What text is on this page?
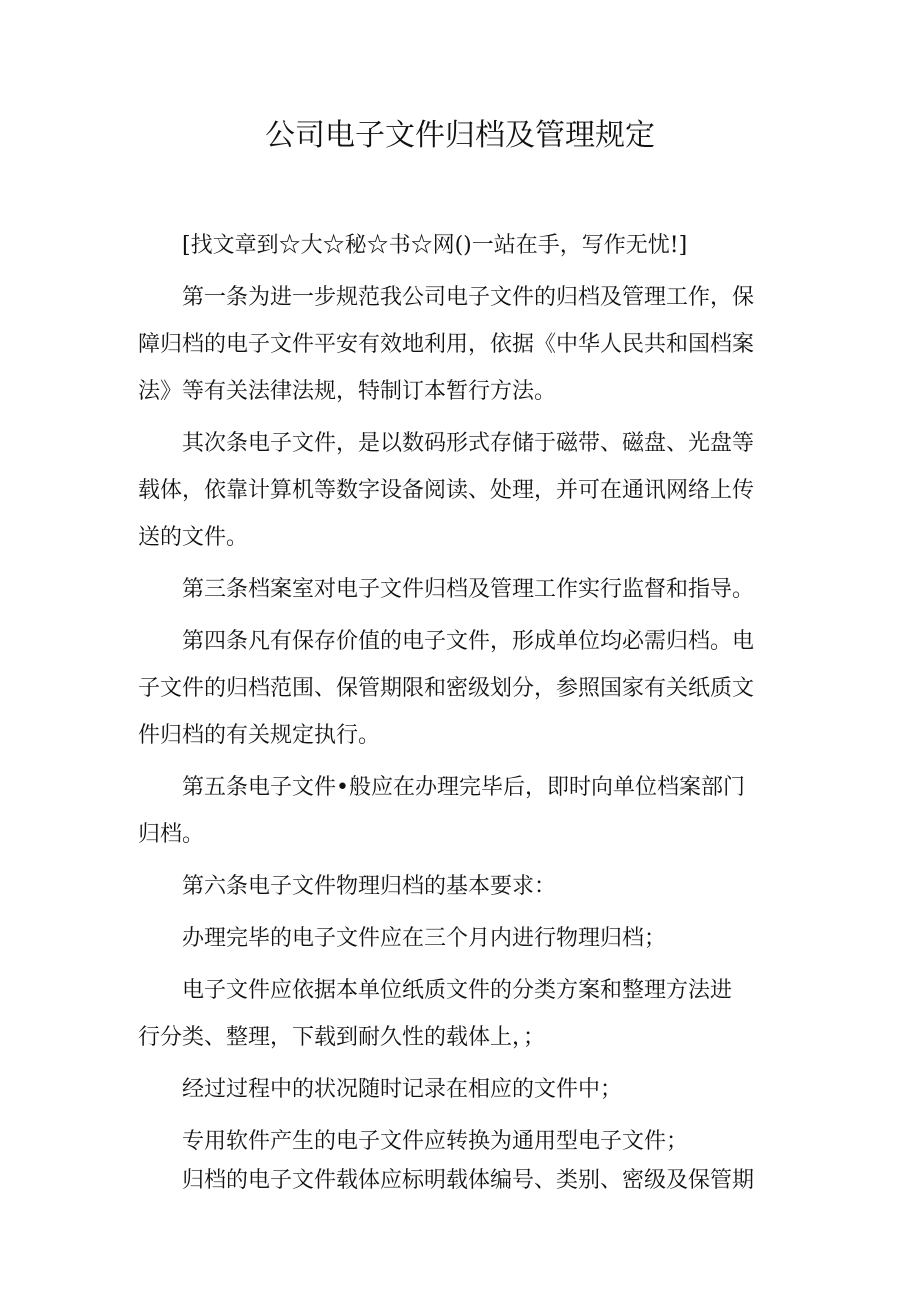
公司电子文件归档及管理规定

[找文章到☆大☆秘☆书☆网()一站在手，写作无忧!]

第一条为进一步规范我公司电子文件的归档及管理工作，保
障归档的电子文件平安有效地利用，依据《中华人民共和国档案
法》等有关法律法规，特制订本暂行方法。

其次条电子文件，是以数码形式存储于磁带、磁盘、光盘等
载体，依靠计算机等数字设备阅读、处理，并可在通讯网络上传
送的文件。

第三条档案室对电子文件归档及管理工作实行监督和指导。

第四条凡有保存价值的电子文件，形成单位均必需归档。电
子文件的归档范围、保管期限和密级划分，参照国家有关纸质文
件归档的有关规定执行。

第五条电子文件•般应在办理完毕后，即时向单位档案部门
归档。

第六条电子文件物理归档的基本要求：

办理完毕的电子文件应在三个月内进行物理归档；

电子文件应依据本单位纸质文件的分类方案和整理方法进
行分类、整理，下载到耐久性的载体上，；

经过过程中的状况随时记录在相应的文件中；

专用软件产生的电子文件应转换为通用型电子文件；

归档的电子文件载体应标明载体编号、类别、密级及保管期
